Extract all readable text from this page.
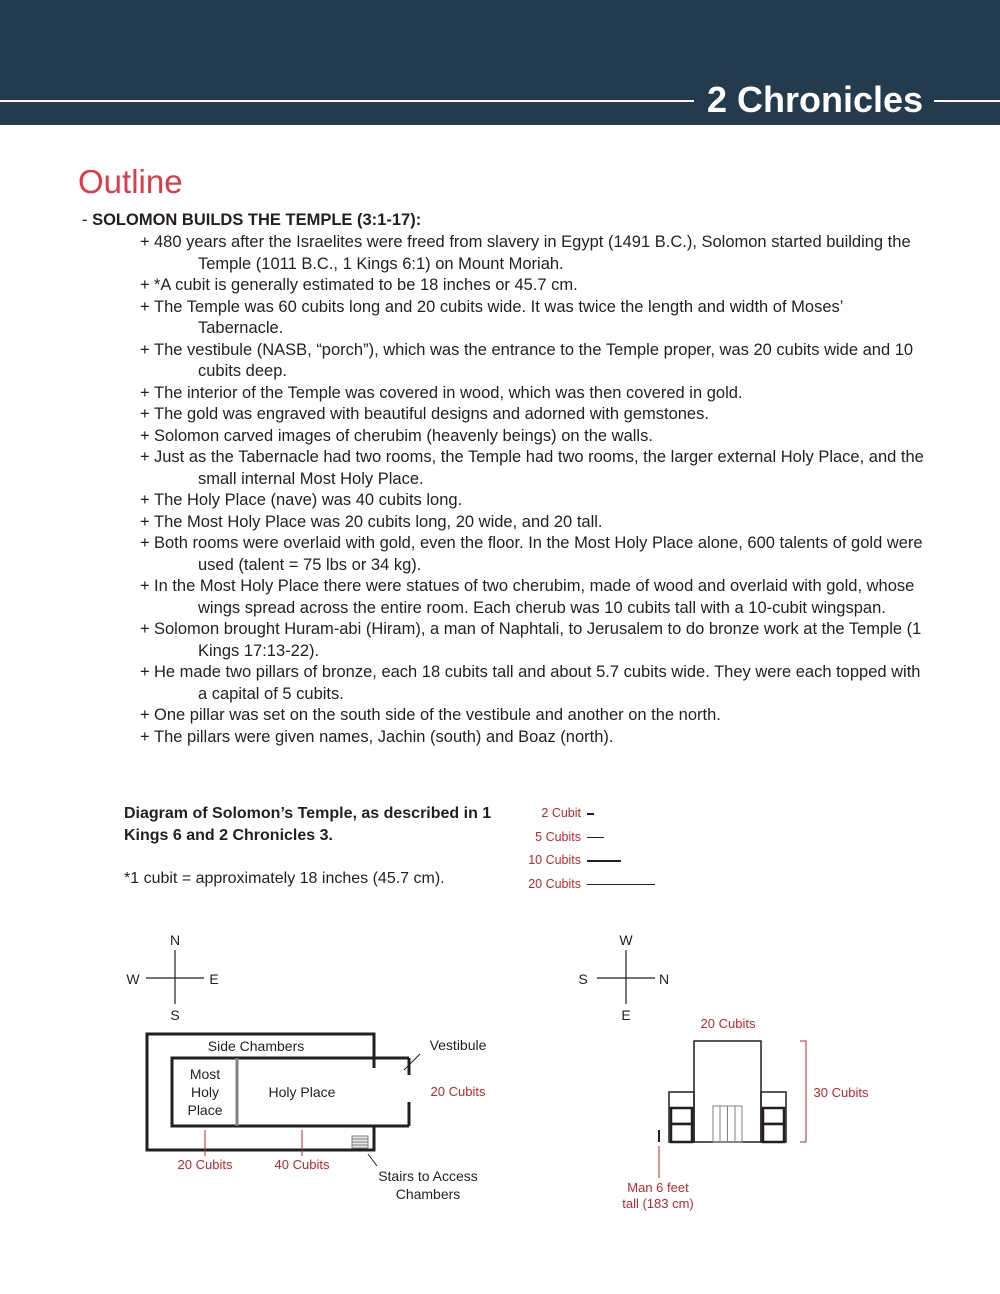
2 Chronicles
Outline
- SOLOMON BUILDS THE TEMPLE (3:1-17):
+ 480 years after the Israelites were freed from slavery in Egypt (1491 B.C.), Solomon started building the Temple (1011 B.C., 1 Kings 6:1) on Mount Moriah.
+ *A cubit is generally estimated to be 18 inches or 45.7 cm.
+ The Temple was 60 cubits long and 20 cubits wide. It was twice the length and width of Moses’ Tabernacle.
+ The vestibule (NASB, “porch”), which was the entrance to the Temple proper, was 20 cubits wide and 10 cubits deep.
+ The interior of the Temple was covered in wood, which was then covered in gold.
+ The gold was engraved with beautiful designs and adorned with gemstones.
+ Solomon carved images of cherubim (heavenly beings) on the walls.
+ Just as the Tabernacle had two rooms, the Temple had two rooms, the larger external Holy Place, and the small internal Most Holy Place.
+ The Holy Place (nave) was 40 cubits long.
+ The Most Holy Place was 20 cubits long, 20 wide, and 20 tall.
+ Both rooms were overlaid with gold, even the floor. In the Most Holy Place alone, 600 talents of gold were used (talent = 75 lbs or 34 kg).
+ In the Most Holy Place there were statues of two cherubim, made of wood and overlaid with gold, whose wings spread across the entire room. Each cherub was 10 cubits tall with a 10-cubit wingspan.
+ Solomon brought Huram-abi (Hiram), a man of Naphtali, to Jerusalem to do bronze work at the Temple (1 Kings 17:13-22).
+ He made two pillars of bronze, each 18 cubits tall and about 5.7 cubits wide. They were each topped with a capital of 5 cubits.
+ One pillar was set on the south side of the vestibule and another on the north.
+ The pillars were given names, Jachin (south) and Boaz (north).
Diagram of Solomon’s Temple, as described in 1 Kings 6 and 2 Chronicles 3.
*1 cubit = approximately 18 inches (45.7 cm).
2 Cubit
5 Cubits
10 Cubits
20 Cubits
N
S
E
W
Side Chambers
Most
Holy
Place
Holy Place
Vestibule
Stairs to Access
Chambers
20 Cubits
20 Cubits	40 Cubits
W
E
N
S
20 Cubits
30 Cubits
Man 6 feet
tall (183 cm)
